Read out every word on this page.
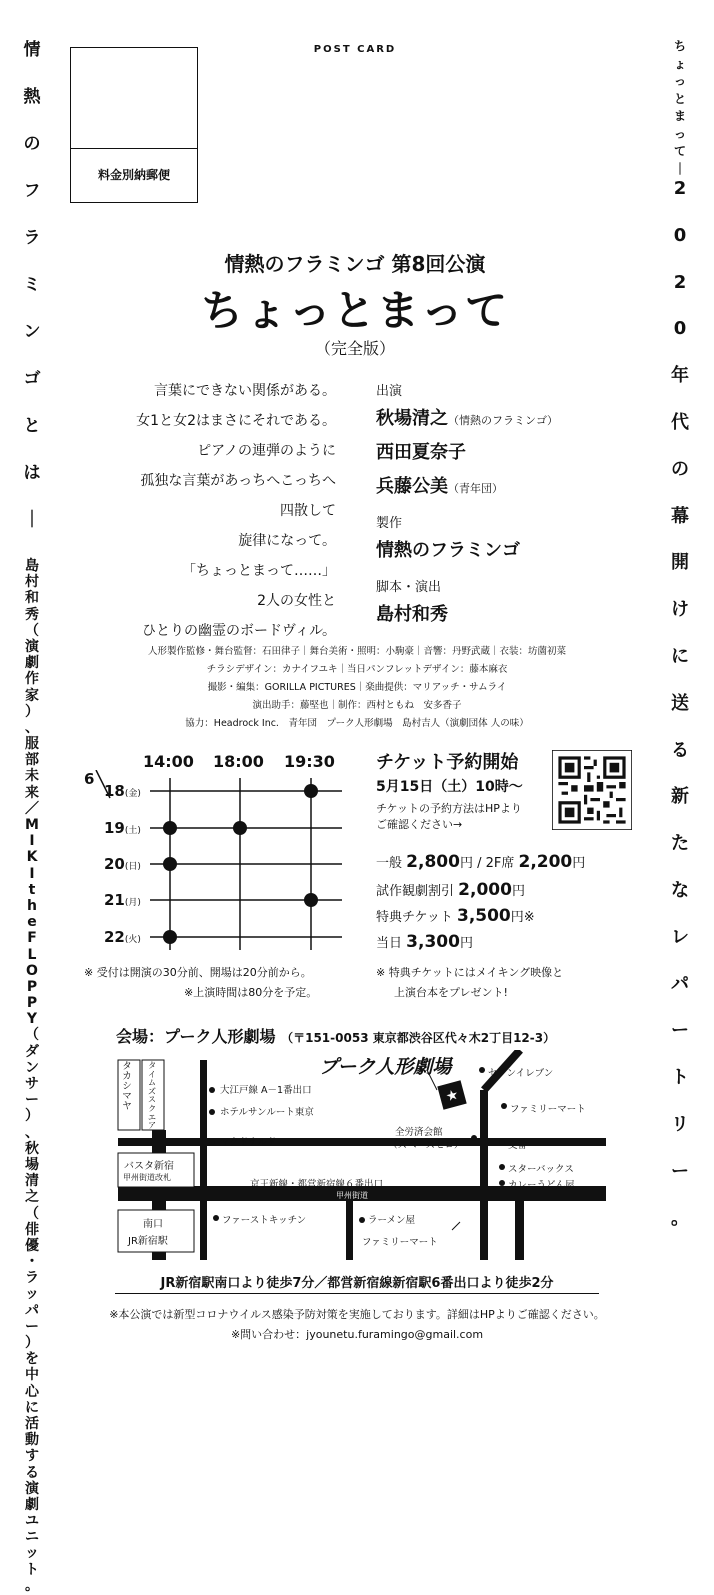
情
熱
の
フ
ラ
ミ
ン
ゴ
と
は
｜
島
村
和
秀
（
演
劇
作
家
）
、
服
部
未
来
／
M
I
K
I
t
h
e
F
L
O
P
P
Y
（
ダ
ン
サ
ー
）
、
秋
場
清
之
（
俳
優
・
ラ
ッ
パ
ー
）
を
中
心
に
活
動
す
る
演
劇
ユ
ニ
ッ
ト
。
ち
ょ
っ
と
ま
っ
て
｜
2
0
2
0
年
代
の
幕
開
け
に
送
る
新
た
な
レ
パ
ー
ト
リ
ー
。
料金別納郵便
POST CARD
情熱のフラミンゴ 第8回公演
ちょっとまって
（完全版）
言葉にできない関係がある。
女1と女2はまさにそれである。
ピアノの連弾のように
孤独な言葉があっちへこっちへ
四散して
旋律になって。
「ちょっとまって……」
2人の女性と
ひとりの幽霊のボードヴィル。
出演
秋場清之（情熱のフラミンゴ）
西田夏奈子
兵藤公美（青年団）
製作
情熱のフラミンゴ
脚本・演出
島村和秀
人形製作監修・舞台監督：石田律子｜舞台美術・照明：小駒豪｜音響：丹野武蔵｜衣装：坊薗初菜
チラシデザイン：カナイフユキ｜当日パンフレットデザイン：藤本麻衣
撮影・編集：GORILLA PICTURES｜楽曲提供：マリアッチ・サムライ
演出助手：藤堅也｜制作：西村ともね　安多香子
協力：Headrock Inc.　青年団　プーク人形劇場　島村吉人（演劇団体 人の味）
14:00 18:00 19:30
6
18(金)
19(土)
20(日)
21(月)
22(火)
チケット予約開始
5月15日（土）10時～
チケットの予約方法はHPより
ご確認ください→
一般 2,800円 / 2F席 2,200円
試作観劇割引 2,000円
特典チケット 3,500円※
当日 3,300円
※ 受付は開演の30分前、開場は20分前から。
※上演時間は80分を予定。
※ 特典チケットにはメイキング映像と
上演台本をプレゼント!
会場：プーク人形劇場 （〒151-0053 東京都渋谷区代々木2丁目12-3）
★
タカシマヤ
タイムズスクエア
バスタ新宿
甲州街道改札
南口
JR新宿駅
大江戸線 A－1番出口
ホテルサンルート東京
マクドナルド
全労済会館
（スペースゼロ）
プーク人形劇場	セブンイレブン
ファミリーマート
交番
スターバックス
カレーうどん屋
京王新線・都営新宿線６番出口
甲州街道
ファーストキッチン	ラーメン屋
ファミリーマート
JR新宿駅南口より徒歩7分／都営新宿線新宿駅6番出口より徒歩2分
※本公演では新型コロナウイルス感染予防対策を実施しております。詳細はHPよりご確認ください。
※問い合わせ：jyounetu.furamingo@gmail.com
